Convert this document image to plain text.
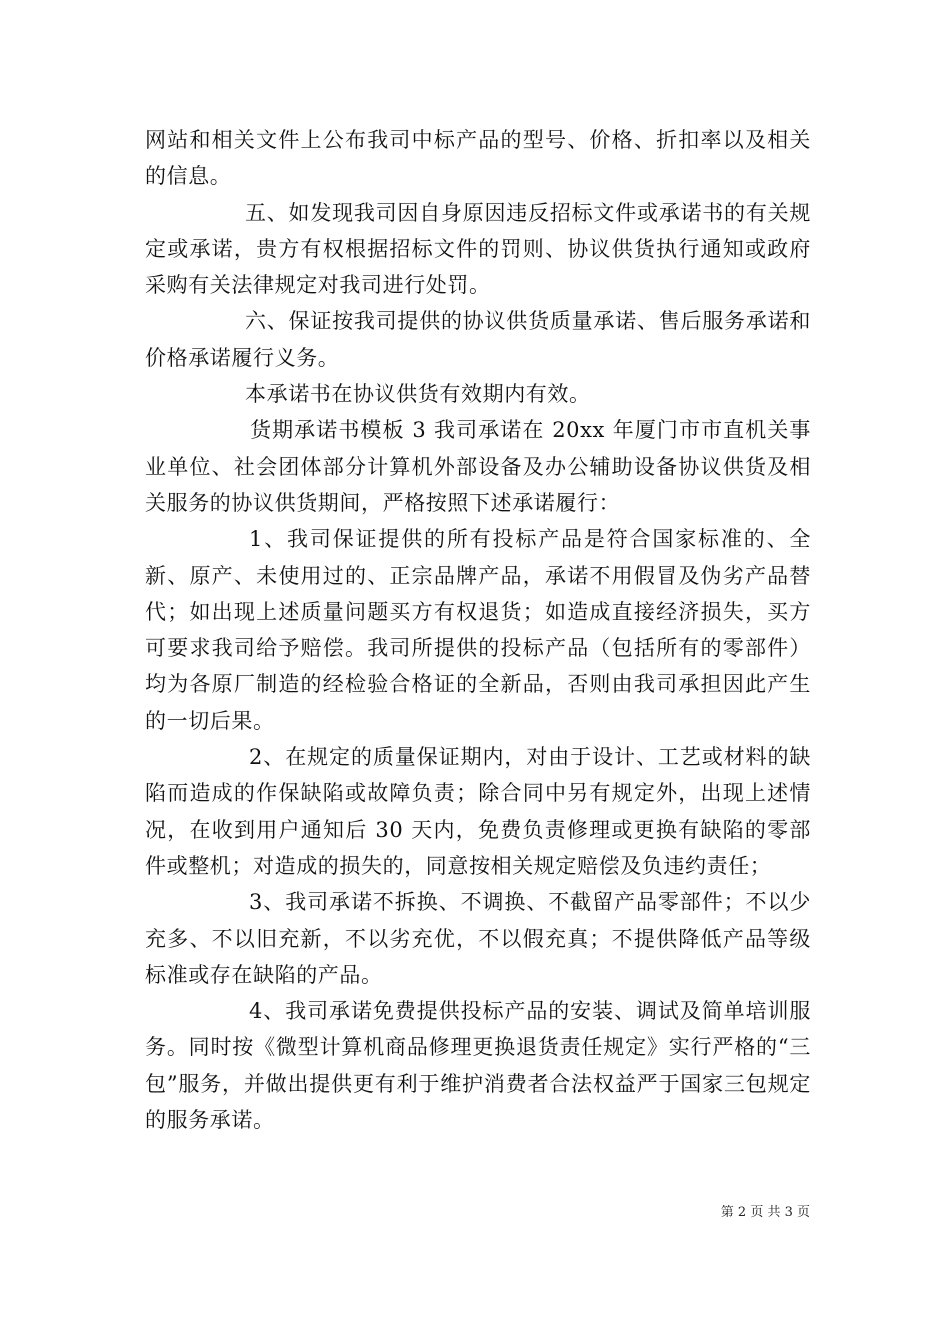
网站和相关文件上公布我司中标产品的型号、价格、折扣率以及相关的信息。

五、如发现我司因自身原因违反招标文件或承诺书的有关规定或承诺，贵方有权根据招标文件的罚则、协议供货执行通知或政府采购有关法律规定对我司进行处罚。

六、保证按我司提供的协议供货质量承诺、售后服务承诺和价格承诺履行义务。

本承诺书在协议供货有效期内有效。

货期承诺书模板 3 我司承诺在 20xx 年厦门市市直机关事业单位、社会团体部分计算机外部设备及办公辅助设备协议供货及相关服务的协议供货期间，严格按照下述承诺履行：

1、我司保证提供的所有投标产品是符合国家标准的、全新、原产、未使用过的、正宗品牌产品，承诺不用假冒及伪劣产品替代；如出现上述质量问题买方有权退货；如造成直接经济损失，买方可要求我司给予赔偿。我司所提供的投标产品（包括所有的零部件）均为各原厂制造的经检验合格证的全新品，否则由我司承担因此产生的一切后果。

2、在规定的质量保证期内，对由于设计、工艺或材料的缺陷而造成的作保缺陷或故障负责；除合同中另有规定外，出现上述情况，在收到用户通知后 30 天内，免费负责修理或更换有缺陷的零部件或整机；对造成的损失的，同意按相关规定赔偿及负违约责任；

3、我司承诺不拆换、不调换、不截留产品零部件；不以少充多、不以旧充新，不以劣充优，不以假充真；不提供降低产品等级标准或存在缺陷的产品。

4、我司承诺免费提供投标产品的安装、调试及简单培训服务。同时按《微型计算机商品修理更换退货责任规定》实行严格的“三包”服务，并做出提供更有利于维护消费者合法权益严于国家三包规定的服务承诺。

第 2 页 共 3 页
